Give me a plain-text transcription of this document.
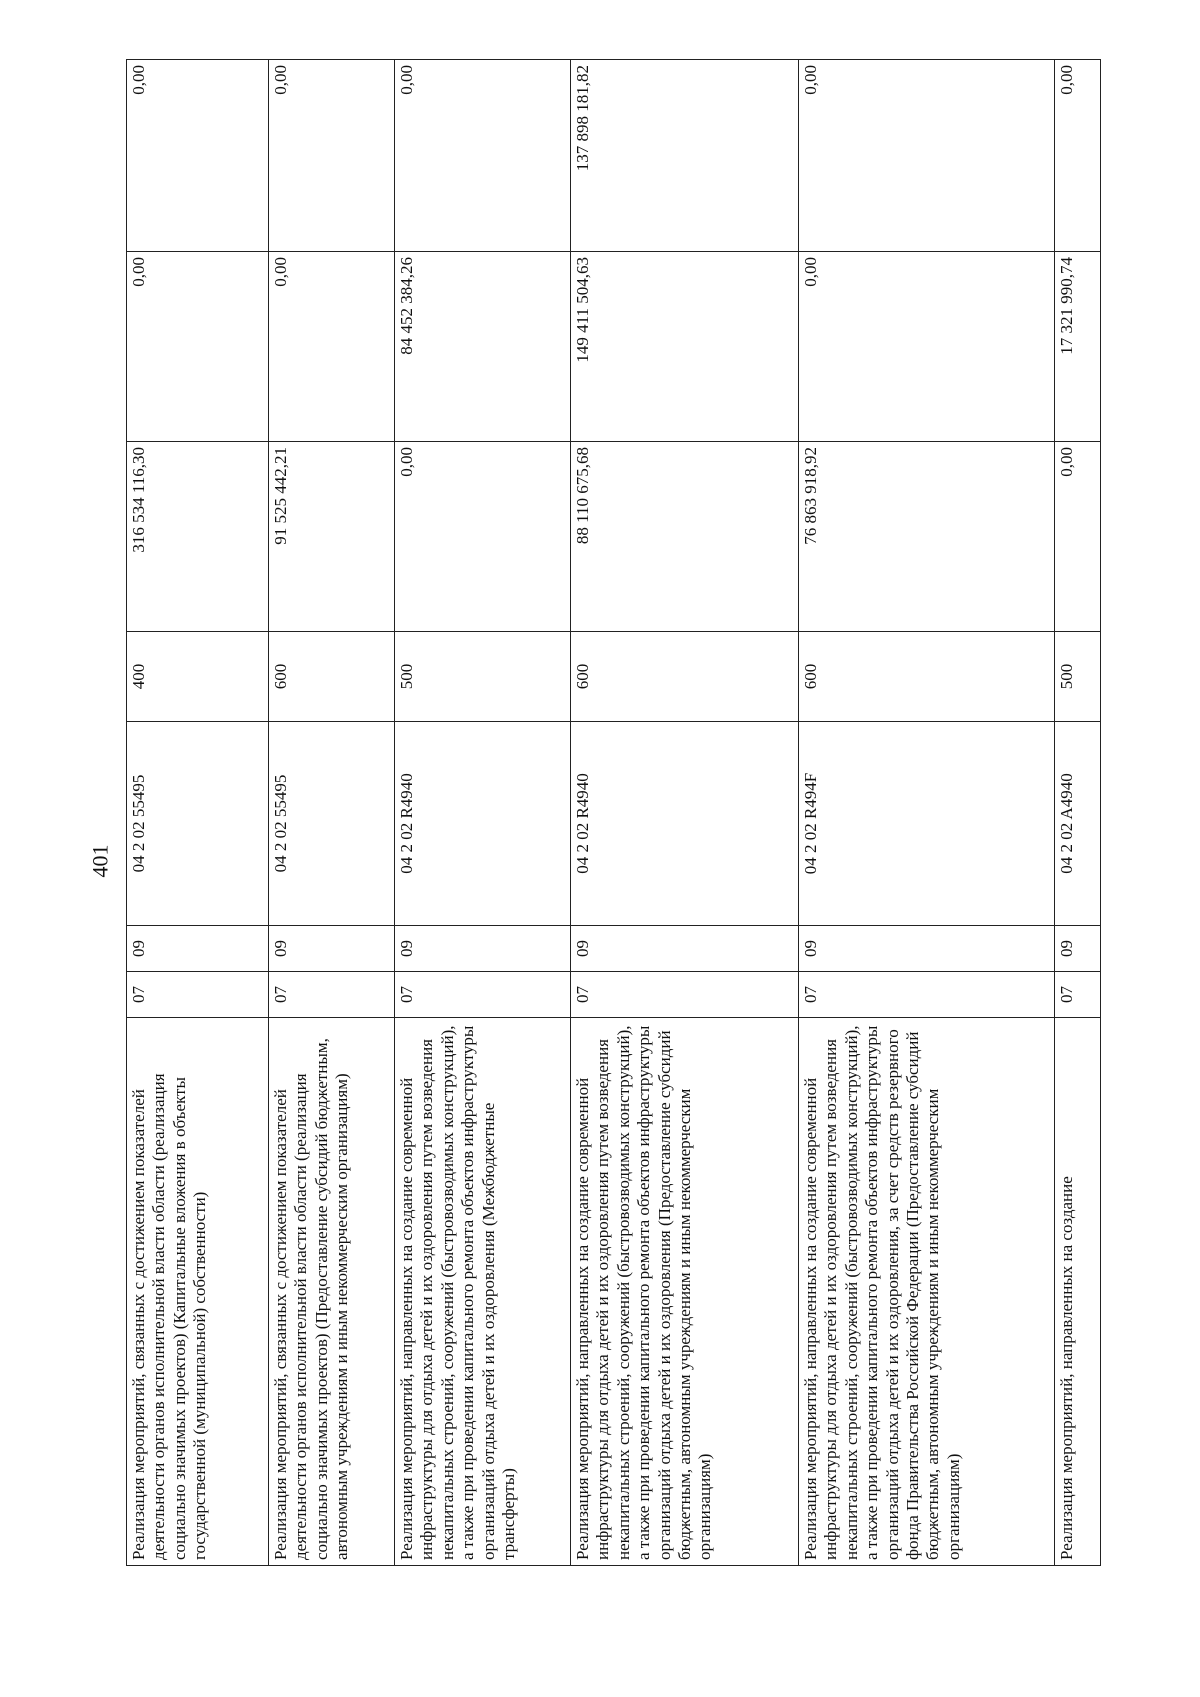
401
Реализация мероприятий, связанных с достижением показателей деятельности органов исполнительной власти области (реализация социально значимых проектов) (Капитальные вложения в объекты государственной (муниципальной) собственности)	07	09	04 2 02 55495	400	316 534 116,30	0,00	0,00
Реализация мероприятий, связанных с достижением показателей деятельности органов исполнительной власти области (реализация социально значимых проектов) (Предоставление субсидий бюджетным, автономным учреждениям и иным некоммерческим организациям)	07	09	04 2 02 55495	600	91 525 442,21	0,00	0,00
Реализация мероприятий, направленных на создание современной инфраструктуры для отдыха детей и их оздоровления путем возведения некапитальных строений, сооружений (быстровозводимых конструкций), а также при проведении капитального ремонта объектов инфраструктуры организаций отдыха детей и их оздоровления (Межбюджетные трансферты)	07	09	04 2 02 R4940	500	0,00	84 452 384,26	0,00
Реализация мероприятий, направленных на создание современной инфраструктуры для отдыха детей и их оздоровления путем возведения некапитальных строений, сооружений (быстровозводимых конструкций), а также при проведении капитального ремонта объектов инфраструктуры организаций отдыха детей и их оздоровления (Предоставление субсидий бюджетным, автономным учреждениям и иным некоммерческим организациям)	07	09	04 2 02 R4940	600	88 110 675,68	149 411 504,63	137 898 181,82
Реализация мероприятий, направленных на создание современной инфраструктуры для отдыха детей и их оздоровления путем возведения некапитальных строений, сооружений (быстровозводимых конструкций), а также при проведении капитального ремонта объектов инфраструктуры организаций отдыха детей и их оздоровления, за счет средств резервного фонда Правительства Российской Федерации (Предоставление субсидий бюджетным, автономным учреждениям и иным некоммерческим организациям)	07	09	04 2 02 R494F	600	76 863 918,92	0,00	0,00
Реализация мероприятий, направленных на создание	07	09	04 2 02 A4940	500	0,00	17 321 990,74	0,00
